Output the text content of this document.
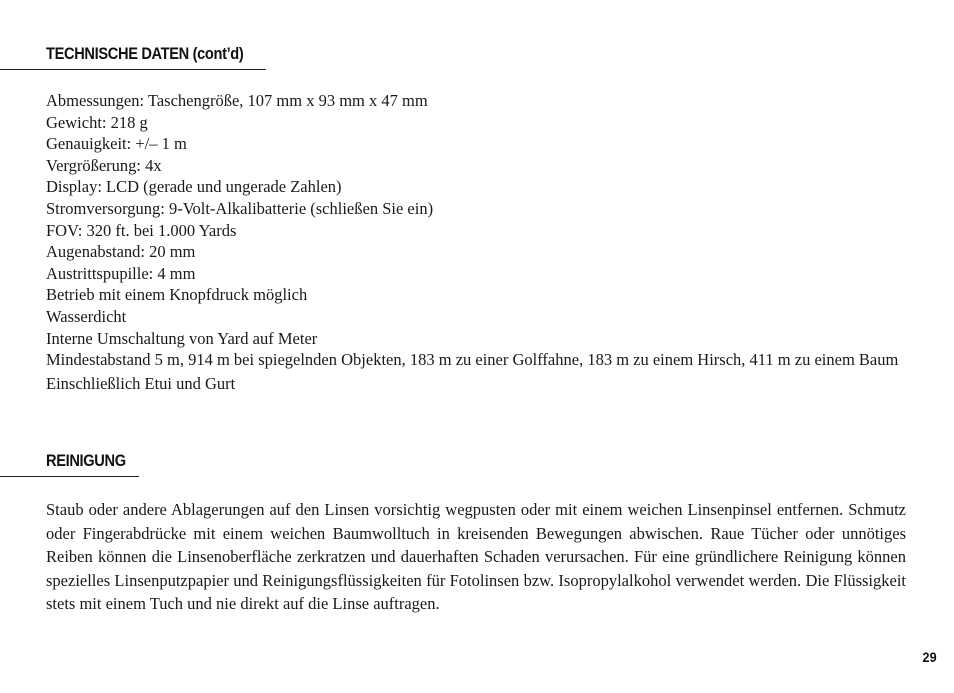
TECHNISCHE DATEN (cont’d)
Abmessungen: Taschengröße, 107 mm x 93 mm x 47 mm
Gewicht: 218 g
Genauigkeit: +/– 1 m
Vergrößerung: 4x
Display: LCD (gerade und ungerade Zahlen)
Stromversorgung: 9-Volt-Alkalibatterie (schließen Sie ein)
FOV: 320 ft. bei 1.000 Yards
Augenabstand: 20 mm
Austrittspupille: 4 mm
Betrieb mit einem Knopfdruck möglich
Wasserdicht
Interne Umschaltung von Yard auf Meter
Mindestabstand 5 m, 914 m bei spiegelnden Objekten, 183 m zu einer Golffahne, 183 m zu einem Hirsch, 411 m zu einem Baum
Einschließlich Etui und Gurt
REINIGUNG

Staub oder andere Ablagerungen auf den Linsen vorsichtig wegpusten oder mit einem weichen Linsenpinsel entfernen. Schmutz oder Fingerabdrücke mit einem weichen Baumwolltuch in kreisenden Bewegungen abwischen. Raue Tücher oder unnötiges Reiben können die Linsenoberfläche zerkratzen und dauerhaften Schaden verursachen. Für eine gründlichere Reinigung können spezielles Linsenputzpapier und Reinigungsflüssigkeiten für Fotolinsen bzw. Isopropylalkohol verwendet werden. Die Flüssigkeit stets mit einem Tuch und nie direkt auf die Linse auftragen.

29
